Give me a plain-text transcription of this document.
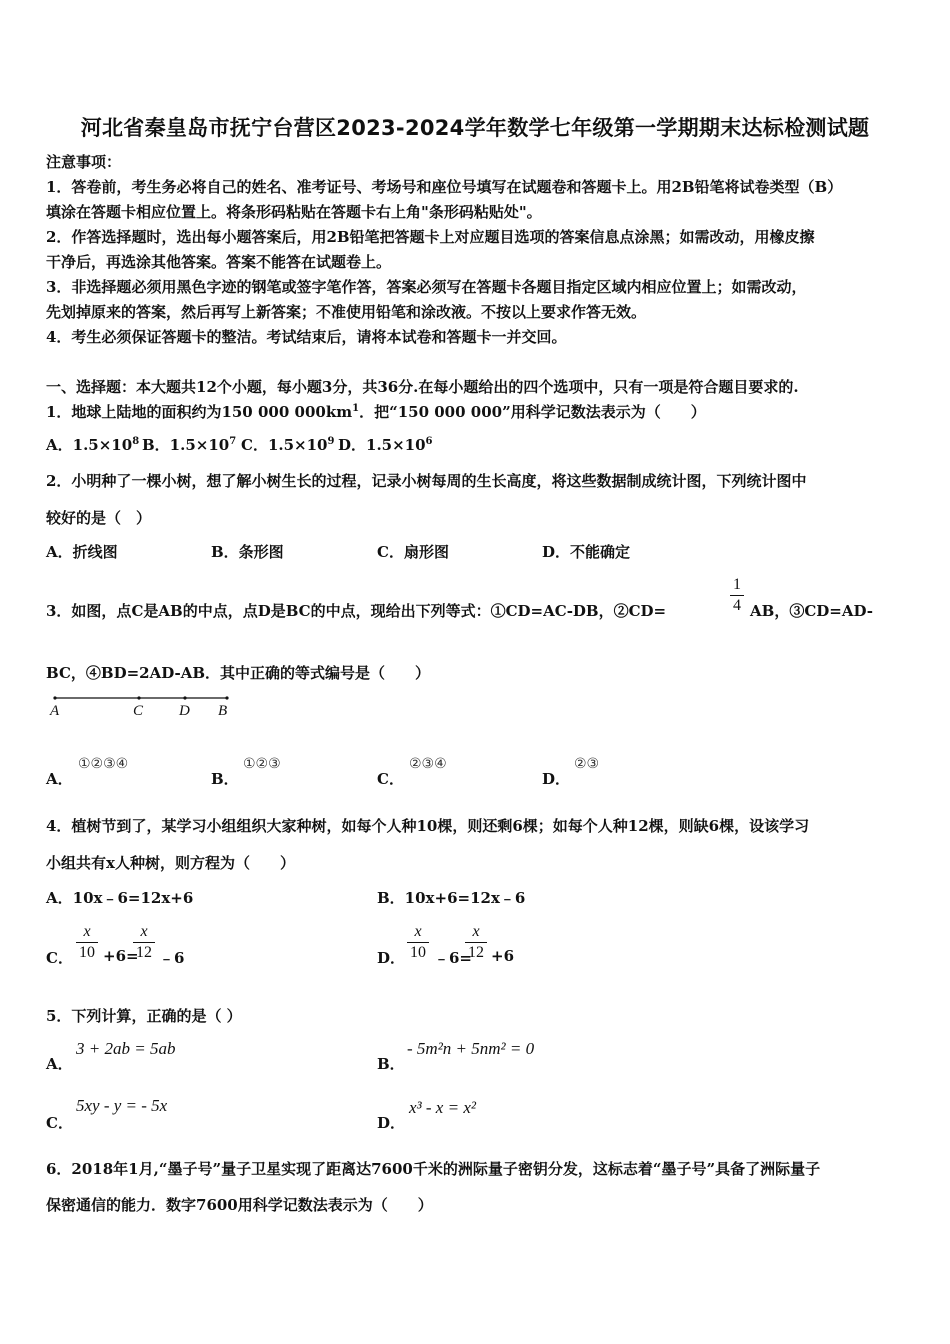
河北省秦皇岛市抚宁台营区2023-2024学年数学七年级第一学期期末达标检测试题
注意事项：
1．答卷前，考生务必将自己的姓名、准考证号、考场号和座位号填写在试题卷和答题卡上。用2B铅笔将试卷类型（B）
填涂在答题卡相应位置上。将条形码粘贴在答题卡右上角"条形码粘贴处"。
2．作答选择题时，选出每小题答案后，用2B铅笔把答题卡上对应题目选项的答案信息点涂黑；如需改动，用橡皮擦
干净后，再选涂其他答案。答案不能答在试题卷上。
3．非选择题必须用黑色字迹的钢笔或签字笔作答，答案必须写在答题卡各题目指定区域内相应位置上；如需改动，
先划掉原来的答案，然后再写上新答案；不准使用铅笔和涂改液。不按以上要求作答无效。
4．考生必须保证答题卡的整洁。考试结束后，请将本试卷和答题卡一并交回。
一、选择题：本大题共12个小题，每小题3分，共36分.在每小题给出的四个选项中，只有一项是符合题目要求的.
1．地球上陆地的面积约为150 000 $000km^1$．把“150 000 000”用科学记数法表示为（　　）
A．$1.5\times 10^8$ B．$1.5\times 10^7$ C．$1.5\times 10^9$ D．$1.5\times 10^6$
2．小明种了一棵小树，想了解小树生长的过程，记录小树每周的生长高度，将这些数据制成统计图，下列统计图中
较好的是（　）
A．折线图	B．条形图	C．扇形图	D．不能确定
3．如图，点C是AB的中点，点D是BC的中点，现给出下列等式：①CD=AC-DB，②CD=	$\frac{1}{4}$ AB，③CD=AD-
BC，④BD=2AD-AB．其中正确的等式编号是（　　）
A	C D B
A．
①②③④
B．
①②③
C．
②③④
D．
②③
4．植树节到了，某学习小组组织大家种树，如每个人种10棵，则还剩6棵；如每个人种12棵，则缺6棵，设该学习
小组共有x人种树，则方程为（　　）
A．10x﹣6=12x+6	B．10x+6=12x﹣6
C． $\frac{x}{10} +6=$
$\frac{x}{12}$ ﹣6	D． $\frac{x}{10}$ ﹣6=
$\frac{x}{12} +6$
5．下列计算，正确的是（ ）
A．
3 + 2ab = 5ab
B．
- 5m²n + 5nm² = 0
C．
5xy - y = - 5x
D．
x³ - x = x²
6．2018年1月,“墨子号”量子卫星实现了距离达7600千米的洲际量子密钥分发，这标志着“墨子号”具备了洲际量子
保密通信的能力．数字7600用科学记数法表示为（　　）
